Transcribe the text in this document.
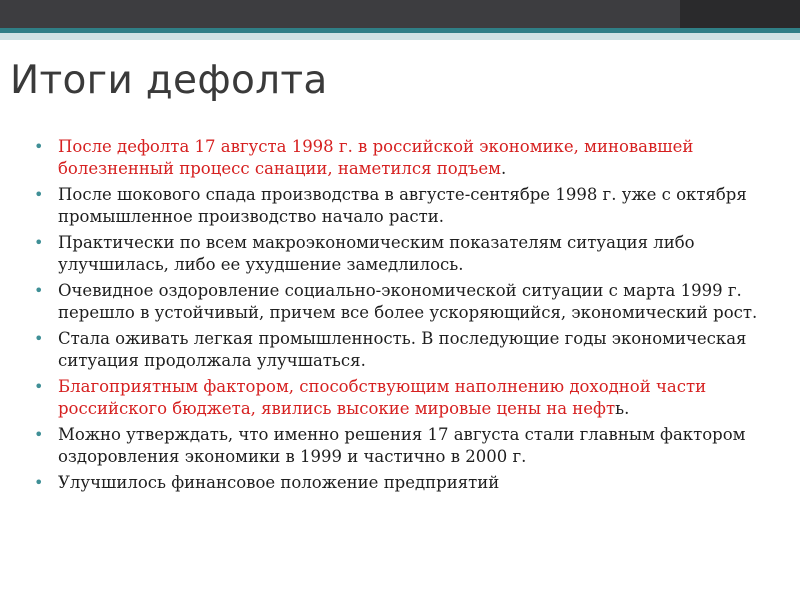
Итоги дефолта
• После дефолта 17 августа 1998 г. в российской экономике, миновавшей болезненный процесс санации, наметился подъем.
• После шокового спада производства в августе-сентябре 1998 г. уже с октября промышленное производство начало расти.
• Практически по всем макроэкономическим показателям ситуация либо улучшилась, либо ее ухудшение замедлилось.
• Очевидное оздоровление социально-экономической ситуации с марта 1999 г. перешло в устойчивый, причем все более ускоряющийся, экономический рост.
• Стала оживать легкая промышленность. В последующие годы экономическая ситуация продолжала улучшаться.
• Благоприятным фактором, способствующим наполнению доходной части российского бюджета, явились высокие мировые цены на нефть.
• Можно утверждать, что именно решения 17 августа стали главным фактором оздоровления экономики в 1999 и частично в 2000 г.
• Улучшилось финансовое положение предприятий
